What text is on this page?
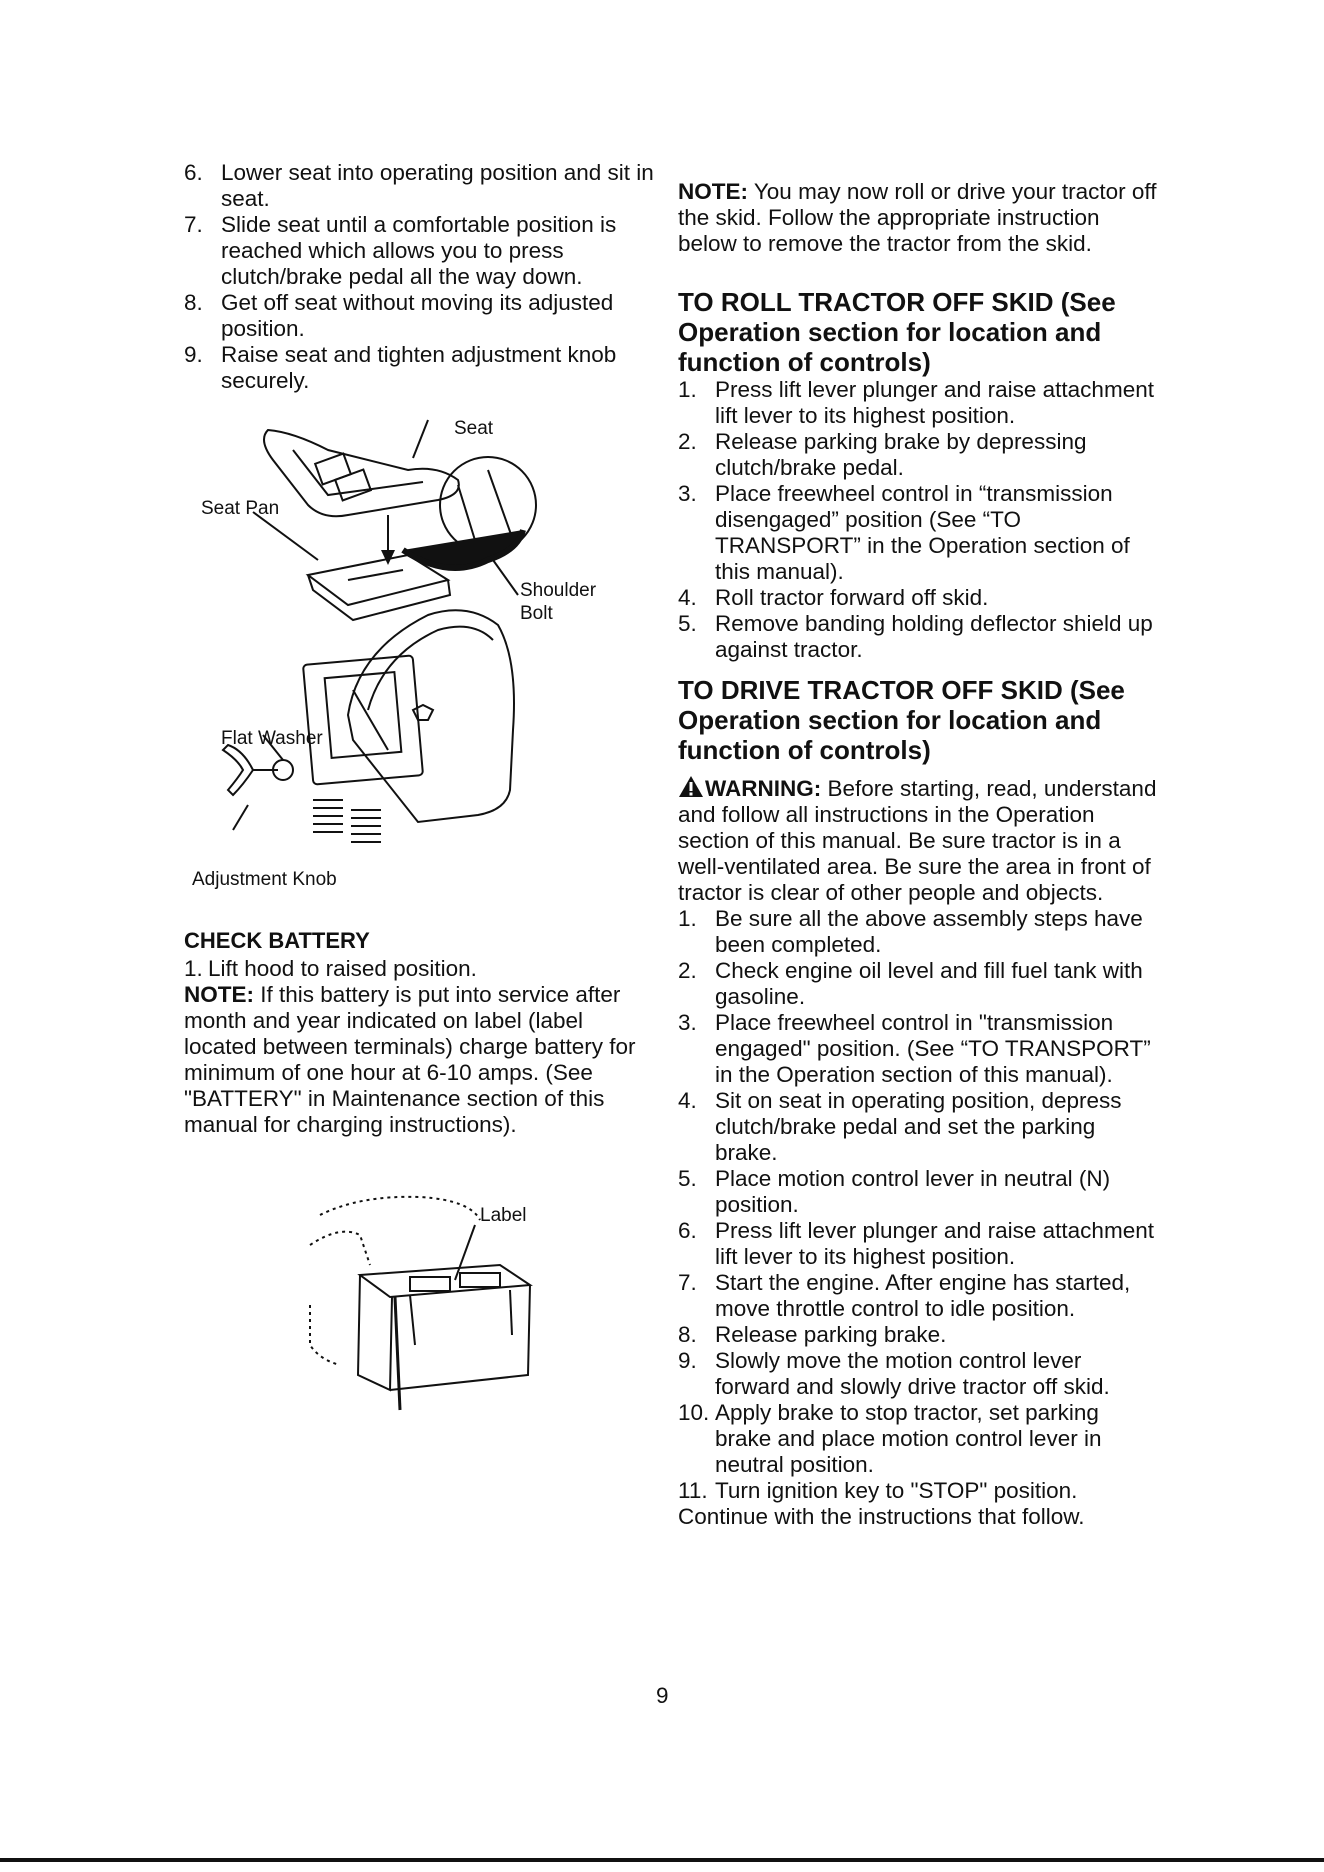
6. Lower seat into operating position and sit in seat.
7. Slide seat until a comfortable position is reached which allows you to press clutch/brake pedal all the way down.
8. Get off seat without moving its adjusted position.
9. Raise seat and tighten adjustment knob securely.
Seat
Seat Pan
Shoulder
Bolt
Flat Washer
Adjustment Knob

CHECK BATTERY

1. Lift hood to raised position.

NOTE: If this battery is put into service after month and year indicated on label (label located between terminals) charge battery for minimum of one hour at 6-10 amps. (See "BATTERY" in Maintenance section of this manual for charging instructions).

Label

NOTE: You may now roll or drive your tractor off the skid. Follow the appropriate instruction below to remove the tractor from the skid.

TO ROLL TRACTOR OFF SKID (See Operation section for location and function of controls)

1. Press lift lever plunger and raise attachment lift lever to its highest position.
2. Release parking brake by depressing clutch/brake pedal.
3. Place freewheel control in “transmission disengaged” position (See “TO TRANSPORT” in the Operation section of this manual).
4. Roll tractor forward off skid.
5. Remove banding holding deflector shield up against tractor.

TO DRIVE TRACTOR OFF SKID (See Operation section for location and function of controls)

WARNING: Before starting, read, understand and follow all instructions in the Operation section of this manual. Be sure tractor is in a well-ventilated area. Be sure the area in front of tractor is clear of other people and objects.

1. Be sure all the above assembly steps have been completed.
2. Check engine oil level and fill fuel tank with gasoline.
3. Place freewheel control in "transmission engaged" position. (See “TO TRANSPORT” in the Operation section of this manual).
4. Sit on seat in operating position, depress clutch/brake pedal and set the parking brake.
5. Place motion control lever in neutral (N) position.
6. Press lift lever plunger and raise attachment lift lever to its highest position.
7. Start the engine. After engine has started, move throttle control to idle position.
8. Release parking brake.
9. Slowly move the motion control lever forward and slowly drive tractor off skid.
10. Apply brake to stop tractor, set parking brake and place motion control lever in neutral position.
11. Turn ignition key to "STOP" position.

Continue with the instructions that follow.

9
